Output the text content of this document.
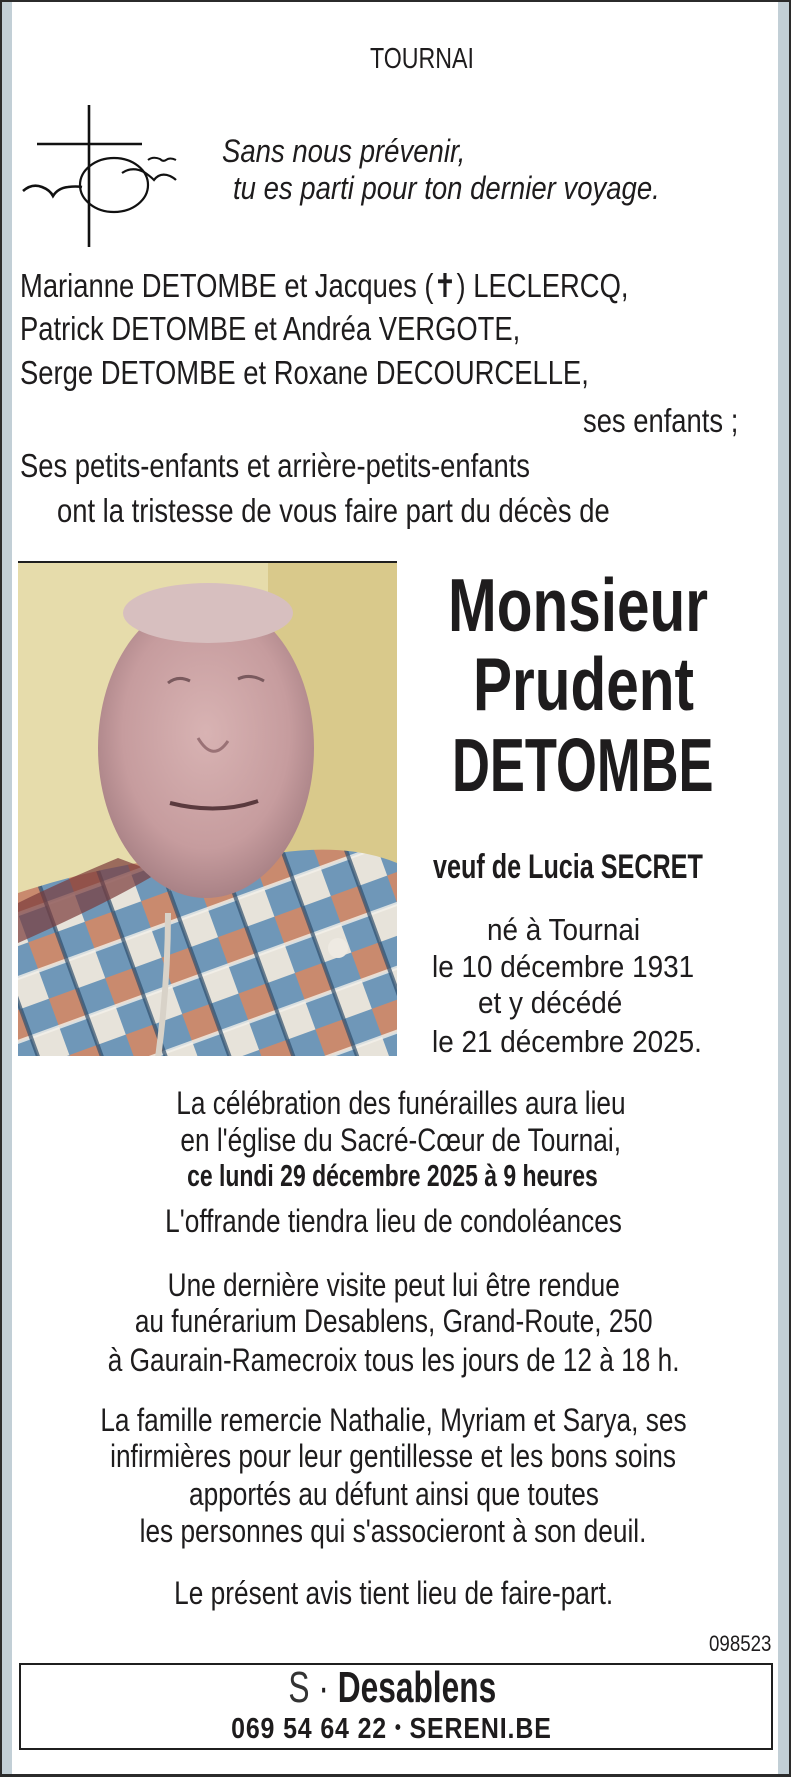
TOURNAI
Sans nous prévenir,
tu es parti pour ton dernier voyage.
Marianne DETOMBE et Jacques (✝) LECLERCQ,
Patrick DETOMBE et Andréa VERGOTE,
Serge DETOMBE et Roxane DECOURCELLE,
ses enfants ;
Ses petits-enfants et arrière-petits-enfants
ont la tristesse de vous faire part du décès de
Monsieur
Prudent
DETOMBE
veuf de Lucia SECRET
né à Tournai
le 10 décembre 1931
et y décédé
le 21 décembre 2025.
La célébration des funérailles aura lieu
en l'église du Sacré-Cœur de Tournai,
ce lundi 29 décembre 2025 à 9 heures
L'offrande tiendra lieu de condoléances
Une dernière visite peut lui être rendue
au funérarium Desablens, Grand-Route, 250
à Gaurain-Ramecroix tous les jours de 12 à 18 h.
La famille remercie Nathalie, Myriam et Sarya, ses
infirmières pour leur gentillesse et les bons soins
apportés au défunt ainsi que toutes
les personnes qui s'associeront à son deuil.
Le présent avis tient lieu de faire-part.
098523
S · Desablens
069 54 64 22 • SERENI.BE
